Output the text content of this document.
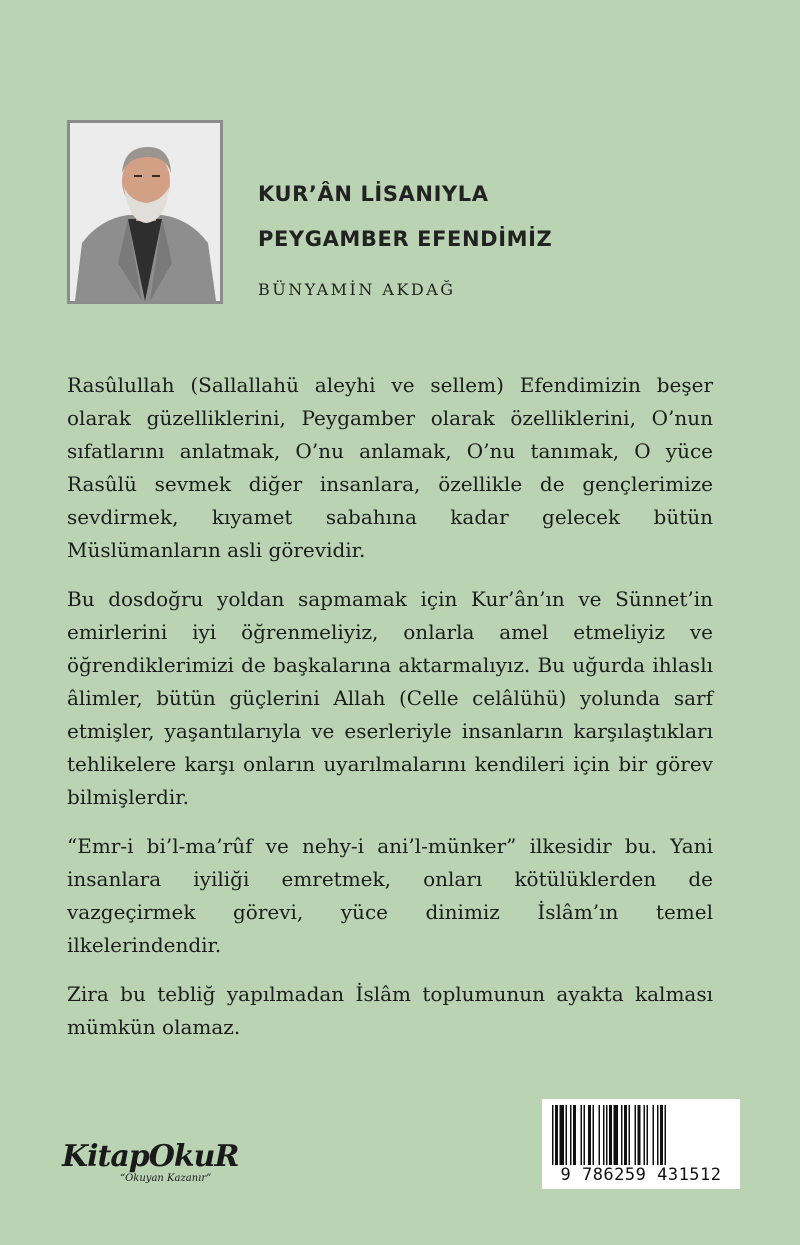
KUR’ÂN LİSANIYLA
PEYGAMBER EFENDİMİZ
BÜNYAMİN AKDAĞ

Rasûlullah (Sallallahü aleyhi ve sellem) Efendimizin beşer olarak güzelliklerini, Peygamber olarak özelliklerini, O’nun sıfatlarını anlatmak, O’nu anlamak, O’nu tanımak, O yüce Rasûlü sevmek diğer insanlara, özellikle de gençlerimize sevdirmek, kıyamet sabahına kadar gelecek bütün Müslümanların asli görevidir.

Bu dosdoğru yoldan sapmamak için Kur’ân’ın ve Sünnet’in emirlerini iyi öğrenmeliyiz, onlarla amel etmeliyiz ve öğrendiklerimizi de başkalarına aktarmalıyız. Bu uğurda ihlaslı âlimler, bütün güçlerini Allah (Celle celâlühü) yolunda sarf etmişler, yaşantılarıyla ve eserleriyle insanların karşılaştıkları tehlikelere karşı onların uyarılmalarını kendileri için bir görev bilmişlerdir.

“Emr-i bi’l-ma’rûf ve nehy-i ani’l-münker” ilkesidir bu. Yani insanlara iyiliği emretmek, onları kötülüklerden de vazgeçirmek görevi, yüce dinimiz İslâm’ın temel ilkelerindendir.

Zira bu tebliğ yapılmadan İslâm toplumunun ayakta kalması mümkün olamaz.

KitapOkuR
“Okuyan Kazanır”	9 786259 431512
